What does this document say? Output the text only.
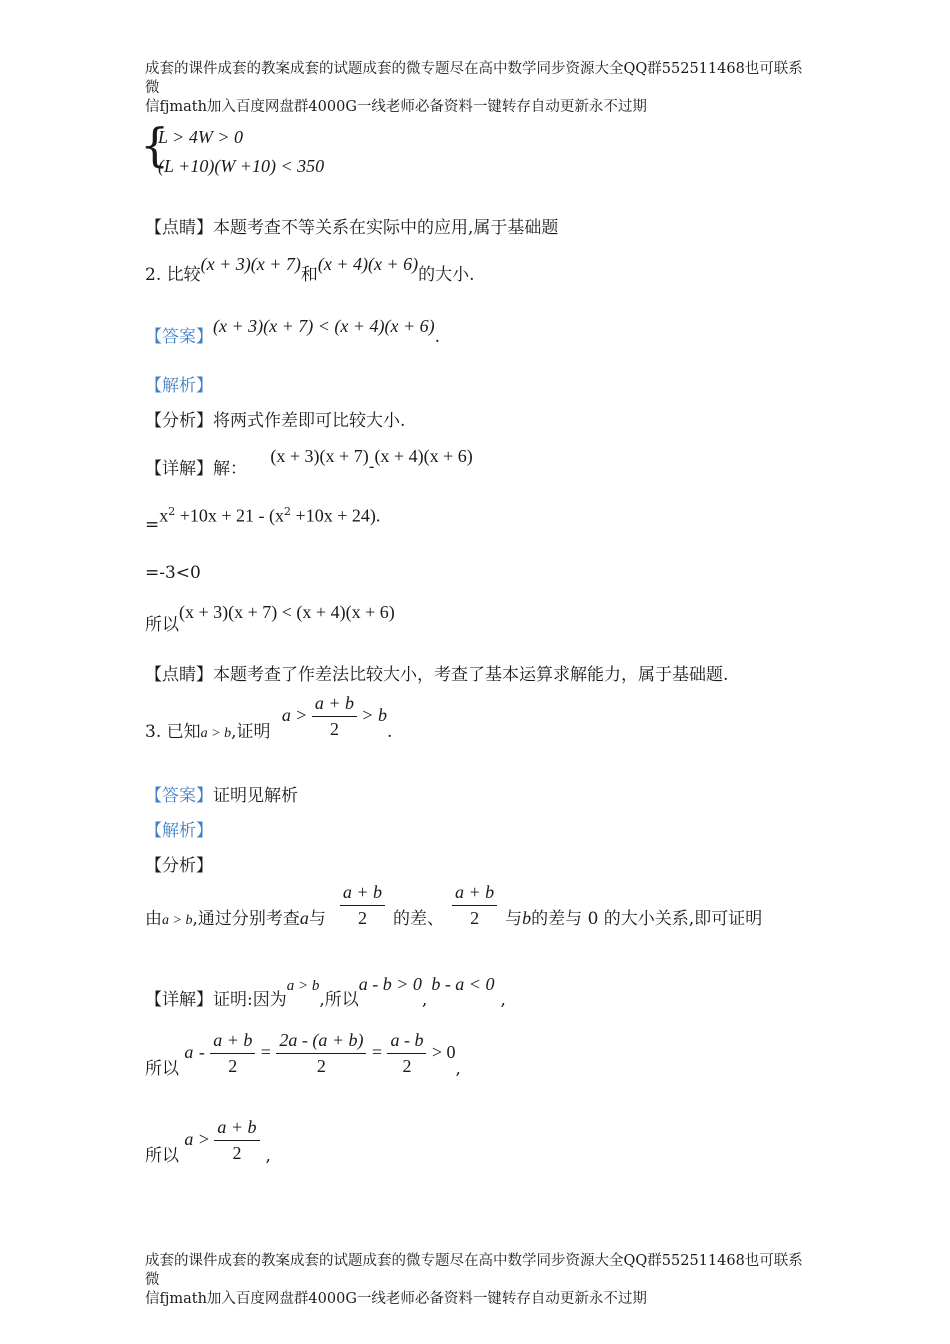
成套的课件成套的教案成套的试题成套的微专题尽在高中数学同步资源大全QQ群552511468也可联系微
信fjmath加入百度网盘群4000G一线老师必备资料一键转存自动更新永不过期
{
L > 4W > 0
(L +10)(W +10) < 350
【点睛】本题考查不等关系在实际中的应用,属于基础题
2. 比较(x + 3)(x + 7)和(x + 4)(x + 6)的大小.
【答案】(x + 3)(x + 7) < (x + 4)(x + 6).
【解析】
【分析】将两式作差即可比较大小.
【详解】解： (x + 3)(x + 7)-(x + 4)(x + 6)
$=x^2 +10x + 21 - (x^2 +10x + 24)$.
=-3<0
所以(x + 3)(x + 7) < (x + 4)(x + 6)
【点睛】本题考查了作差法比较大小，考查了基本运算求解能力，属于基础题.
3. 已知$_{a > b}$,证明 $a > \frac{a + b}{2} > b$.
【答案】证明见解析
【解析】
【分析】
由$_{a > b}$,通过分别考查a与 $\frac{a + b}{2}$ 的差、 $\frac{a + b}{2}$ 与b的差与 0 的大小关系,即可证明
【详解】证明:因为a > b,所以a - b > 0,b - a < 0,
所以 $a - \frac{a + b}{2} = \frac{2a - (a + b)}{2} = \frac{a - b}{2} > 0$,
所以 $a > \frac{a + b}{2}$ ,
成套的课件成套的教案成套的试题成套的微专题尽在高中数学同步资源大全QQ群552511468也可联系微
信fjmath加入百度网盘群4000G一线老师必备资料一键转存自动更新永不过期
